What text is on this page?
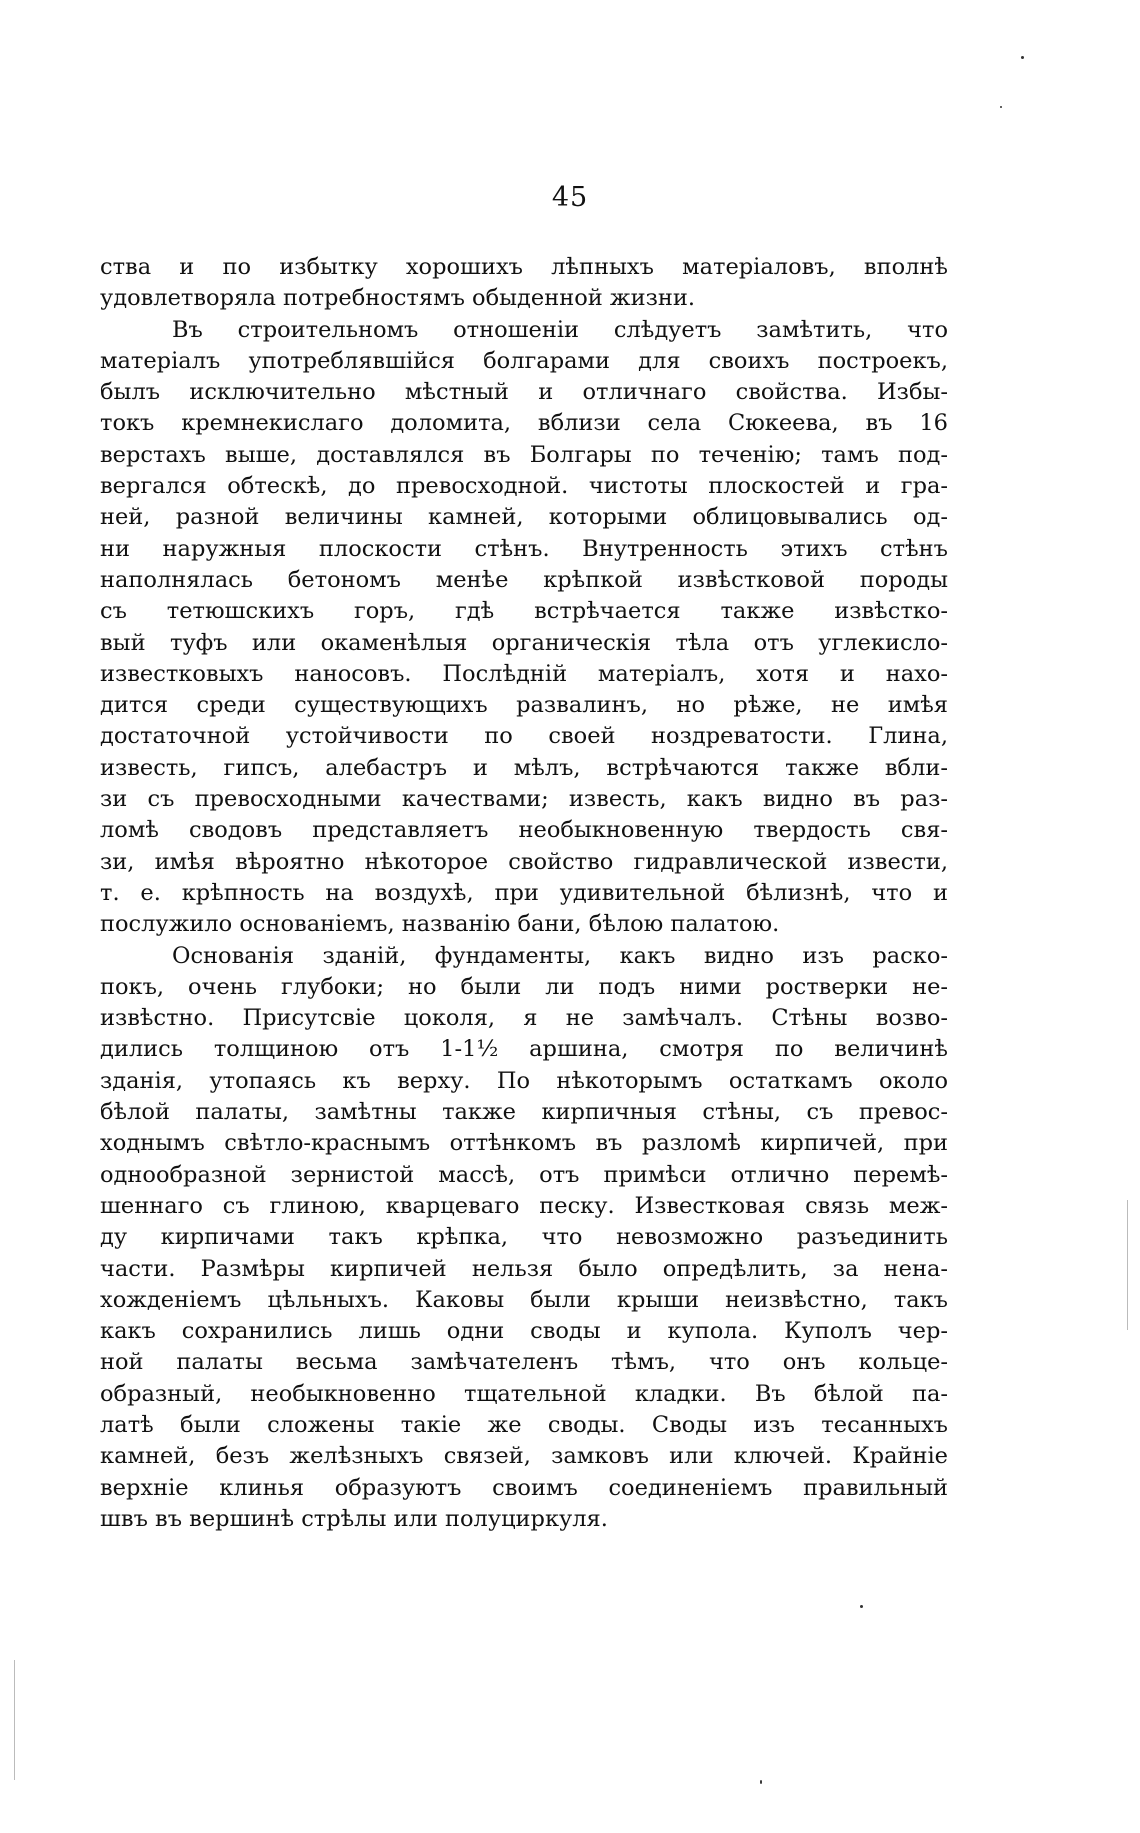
45
ства и по избытку хорошихъ лѣпныхъ матеріаловъ, вполнѣ
удовлетворяла потребностямъ обыденной жизни.
Въ строительномъ отношеніи слѣдуетъ замѣтить, что
матеріалъ употреблявшійся болгарами для своихъ построекъ,
былъ исключительно мѣстный и отличнаго свойства. Избы-
токъ кремнекислаго доломита, вблизи села Сюкеева, въ 16
верстахъ выше, доставлялся въ Болгары по теченію; тамъ под-
вергался обтескѣ, до превосходной. чистоты плоскостей и гра-
ней, разной величины камней, которыми облицовывались од-
ни наружныя плоскости стѣнъ. Внутренность этихъ стѣнъ
наполнялась бетономъ менѣе крѣпкой извѣстковой породы
съ тетюшскихъ горъ, гдѣ встрѣчается также извѣстко-
вый туфъ или окаменѣлыя органическія тѣла отъ углекисло-
известковыхъ наносовъ. Послѣдній матеріалъ, хотя и нахо-
дится среди существующихъ развалинъ, но рѣже, не имѣя
достаточной устойчивости по своей ноздреватости. Глина,
известь, гипсъ, алебастръ и мѣлъ, встрѣчаются также вбли-
зи съ превосходными качествами; известь, какъ видно въ раз-
ломѣ сводовъ представляетъ необыкновенную твердость свя-
зи, имѣя вѣроятно нѣкоторое свойство гидравлической извести,
т. е. крѣпность на воздухѣ, при удивительной бѣлизнѣ, что и
послужило основаніемъ, названію бани, бѣлою палатою.
Основанія зданій, фундаменты, какъ видно изъ раско-
покъ, очень глубоки; но были ли подъ ними ростверки не-
извѣстно. Присутсвіе цоколя, я не замѣчалъ. Стѣны возво-
дились толщиною отъ 1-1½ аршина, смотря по величинѣ
зданія, утопаясь къ верху. По нѣкоторымъ остаткамъ около
бѣлой палаты, замѣтны также кирпичныя стѣны, съ превос-
ходнымъ свѣтло-краснымъ оттѣнкомъ въ разломѣ кирпичей, при
однообразной зернистой массѣ, отъ примѣси отлично перемѣ-
шеннаго съ глиною, кварцеваго песку. Известковая связь меж-
ду кирпичами такъ крѣпка, что невозможно разъединить
части. Размѣры кирпичей нельзя было опредѣлить, за нена-
хожденіемъ цѣльныхъ. Каковы были крыши неизвѣстно, такъ
какъ сохранились лишь одни своды и купола. Куполъ чер-
ной палаты весьма замѣчателенъ тѣмъ, что онъ кольце-
образный, необыкновенно тщательной кладки. Въ бѣлой па-
латѣ были сложены такіе же своды. Своды изъ тесанныхъ
камней, безъ желѣзныхъ связей, замковъ или ключей. Крайніе
верхніе клинья образуютъ своимъ соединеніемъ правильный
швъ въ вершинѣ стрѣлы или полуциркуля.
